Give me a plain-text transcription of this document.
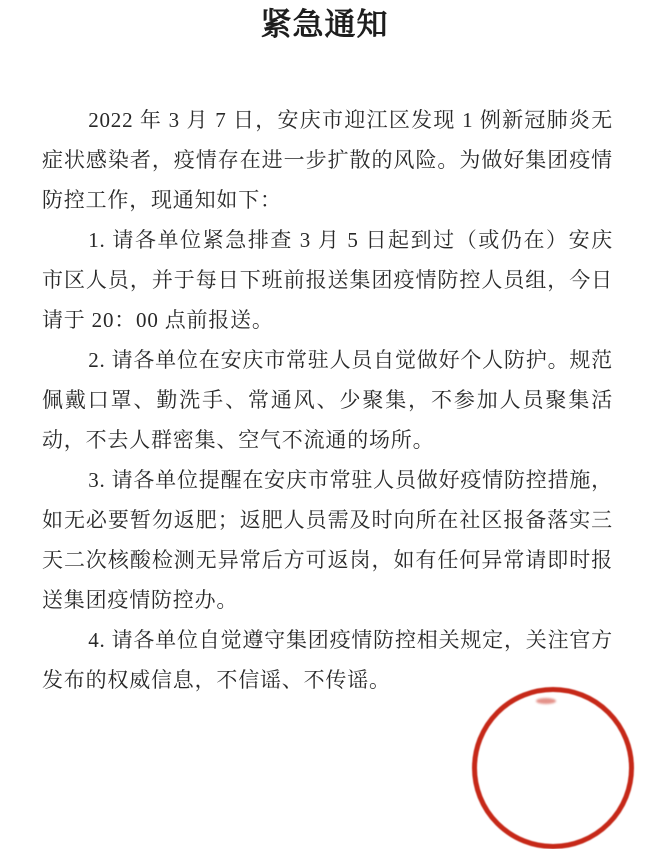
紧急通知

2022 年 3 月 7 日，安庆市迎江区发现 1 例新冠肺炎无症状感染者，疫情存在进一步扩散的风险。为做好集团疫情防控工作，现通知如下：

1. 请各单位紧急排查 3 月 5 日起到过（或仍在）安庆市区人员，并于每日下班前报送集团疫情防控人员组，今日请于 20：00 点前报送。

2. 请各单位在安庆市常驻人员自觉做好个人防护。规范佩戴口罩、勤洗手、常通风、少聚集，不参加人员聚集活动，不去人群密集、空气不流通的场所。

3. 请各单位提醒在安庆市常驻人员做好疫情防控措施，如无必要暂勿返肥；返肥人员需及时向所在社区报备落实三天二次核酸检测无异常后方可返岗，如有任何异常请即时报送集团疫情防控办。

4. 请各单位自觉遵守集团疫情防控相关规定，关注官方发布的权威信息，不信谣、不传谣。
